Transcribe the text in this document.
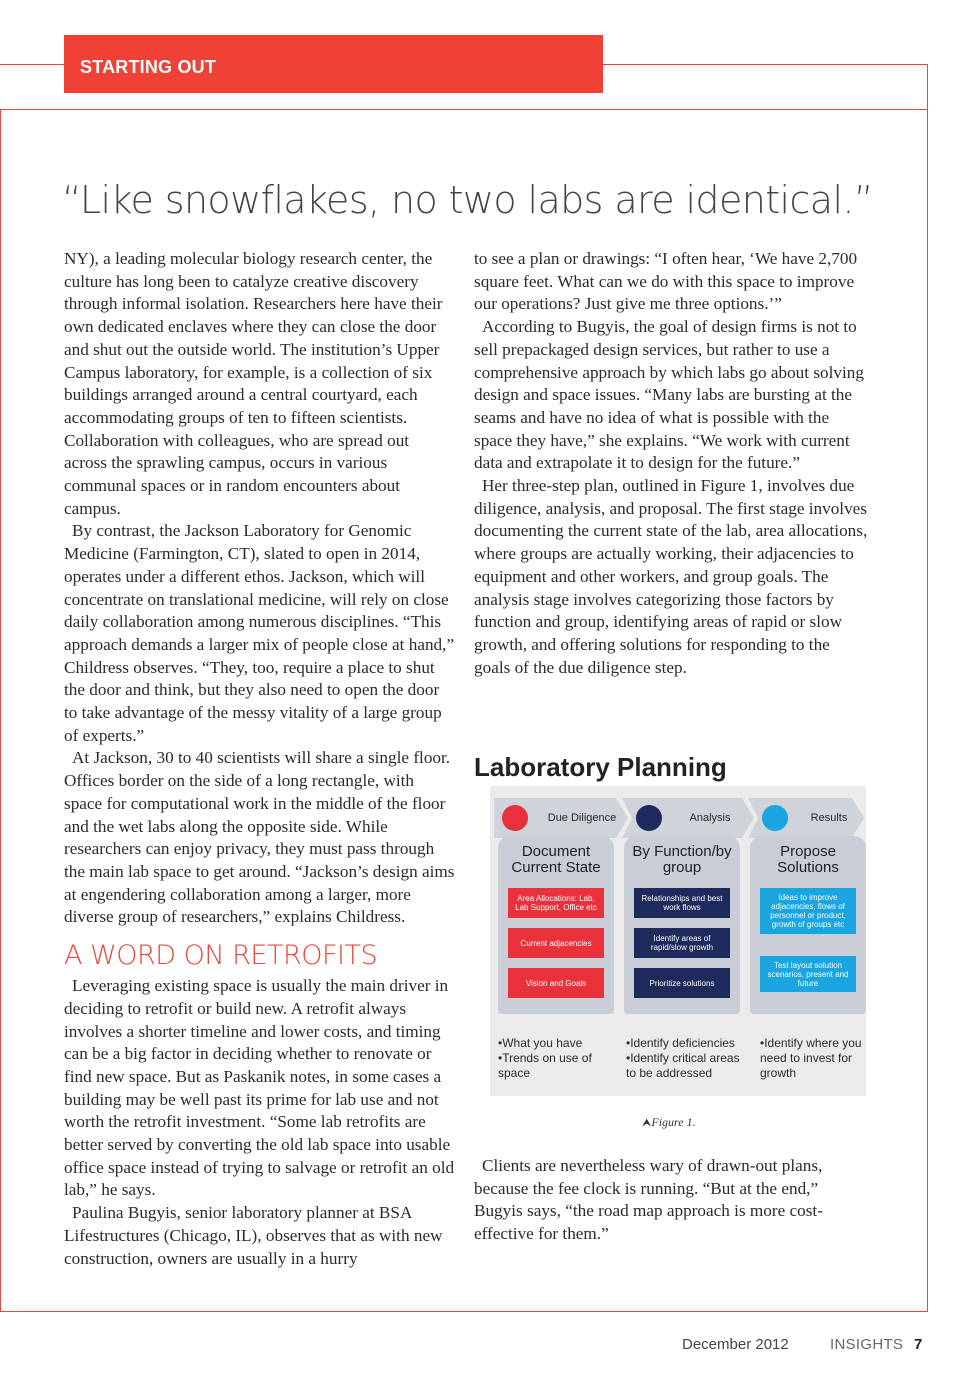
STARTING OUT
“Like snowflakes, no two labs are identical.”

NY), a leading molecular biology research center, the culture has long been to catalyze creative discovery through informal isolation. Researchers here have their own dedicated enclaves where they can close the door and shut out the outside world. The institution’s Upper Campus laboratory, for example, is a collection of six buildings arranged around a central courtyard, each accommodating groups of ten to fifteen scientists. Collaboration with colleagues, who are spread out across the sprawling campus, occurs in various communal spaces or in random encounters about campus.

By contrast, the Jackson Laboratory for Genomic Medicine (Farmington, CT), slated to open in 2014, operates under a different ethos. Jackson, which will concentrate on translational medicine, will rely on close daily collaboration among numerous disciplines. “This approach demands a larger mix of people close at hand,” Childress observes. “They, too, require a place to shut the door and think, but they also need to open the door to take advantage of the messy vitality of a large group of experts.”

At Jackson, 30 to 40 scientists will share a single floor. Offices border on the side of a long rectangle, with space for computational work in the middle of the floor and the wet labs along the opposite side. While researchers can enjoy privacy, they must pass through the main lab space to get around. “Jackson’s design aims at engendering collaboration among a larger, more diverse group of researchers,” explains Childress.

A WORD ON RETROFITS

Leveraging existing space is usually the main driver in deciding to retrofit or build new. A retrofit always involves a shorter timeline and lower costs, and timing can be a big factor in deciding whether to renovate or find new space. But as Paskanik notes, in some cases a building may be well past its prime for lab use and not worth the retrofit investment. “Some lab retrofits are better served by converting the old lab space into usable office space instead of trying to salvage or retrofit an old lab,” he says.

Paulina Bugyis, senior laboratory planner at BSA Lifestructures (Chicago, IL), observes that as with new construction, owners are usually in a hurry

to see a plan or drawings: “I often hear, ‘We have 2,700 square feet. What can we do with this space to improve our operations? Just give me three options.’”

According to Bugyis, the goal of design firms is not to sell prepackaged design services, but rather to use a comprehensive approach by which labs go about solving design and space issues. “Many labs are bursting at the seams and have no idea of what is possible with the space they have,” she explains. “We work with current data and extrapolate it to design for the future.”

Her three-step plan, outlined in Figure 1, involves due diligence, analysis, and proposal. The first stage involves documenting the current state of the lab, area allocations, where groups are actually working, their adjacencies to equipment and other workers, and group goals. The analysis stage involves categorizing those factors by function and group, identifying areas of rapid or slow growth, and offering solutions for responding to the goals of the due diligence step.

Laboratory Planning
Due Diligence	Analysis	Results
Document Current State
Area Allocations: Lab, Lab Support, Office etc
Current adjacencies
Vision and Goals
By Function/by group
Relationships and best work flows
Identify areas of rapid/slow growth
Prioritize solutions
Propose Solutions
Ideas to improve adjacencies, flows of personnel or product, growth of groups etc
Test layout solution scenarios, present and future
•What you have
•Trends on use of space
•Identify deficiencies
•Identify critical areas to be addressed
•Identify where you need to invest for growth
⮝Figure 1.

Clients are nevertheless wary of drawn-out plans, because the fee clock is running. “But at the end,” Bugyis says, “the road map approach is more cost-effective for them.”

December 2012	INSIGHTS 7
